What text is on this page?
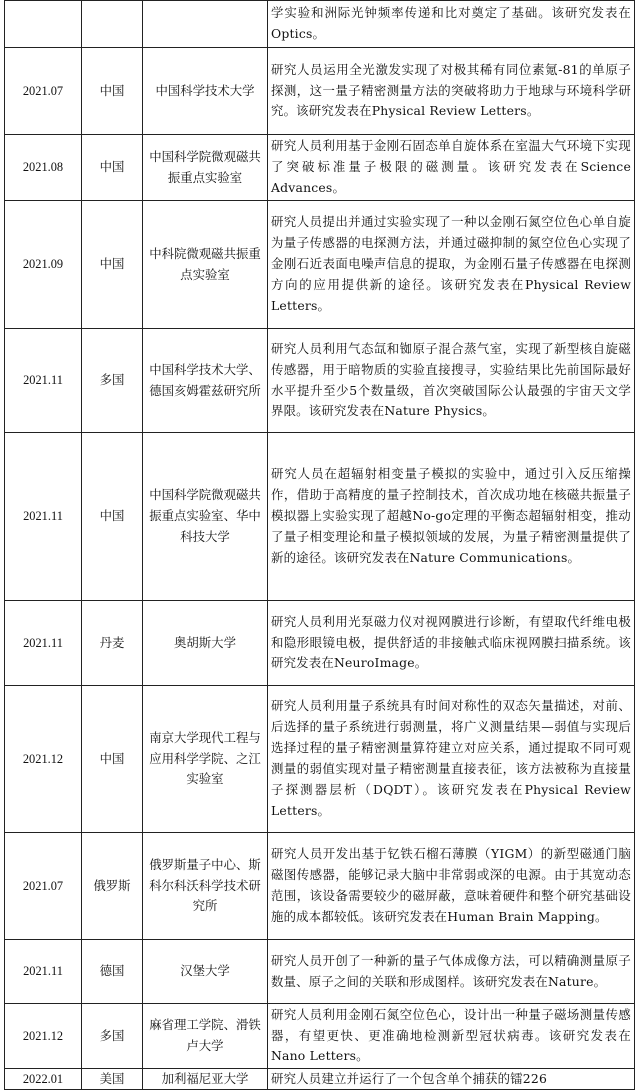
			学实验和洲际光钟频率传递和比对奠定了基础。该研究发表在Optics。
2021.07	中国	中国科学技术大学	研究人员运用全光激发实现了对极其稀有同位素氪-81的单原子探测，这一量子精密测量方法的突破将助力于地球与环境科学研究。该研究发表在Physical Review Letters。
2021.08	中国	中国科学院微观磁共振重点实验室	研究人员利用基于金刚石固态单自旋体系在室温大气环境下实现了突破标准量子极限的磁测量。该研究发表在Science Advances。
2021.09	中国	中科院微观磁共振重点实验室	研究人员提出并通过实验实现了一种以金刚石氮空位色心单自旋为量子传感器的电探测方法，并通过磁抑制的氮空位色心实现了金刚石近表面电噪声信息的提取，为金刚石量子传感器在电探测方向的应用提供新的途径。该研究发表在Physical Review Letters。
2021.11	多国	中国科学技术大学、德国亥姆霍兹研究所	研究人员利用气态氙和铷原子混合蒸气室，实现了新型核自旋磁传感器，用于暗物质的实验直接搜寻，实验结果比先前国际最好水平提升至少5个数量级，首次突破国际公认最强的宇宙天文学界限。该研究发表在Nature Physics。
2021.11	中国	中国科学院微观磁共振重点实验室、华中科技大学	研究人员在超辐射相变量子模拟的实验中，通过引入反压缩操作，借助于高精度的量子控制技术，首次成功地在核磁共振量子模拟器上实验实现了超越No-go定理的平衡态超辐射相变，推动了量子相变理论和量子模拟领域的发展，为量子精密测量提供了新的途径。该研究发表在Nature Communications。
2021.11	丹麦	奥胡斯大学	研究人员利用光泵磁力仪对视网膜进行诊断，有望取代纤维电极和隐形眼镜电极，提供舒适的非接触式临床视网膜扫描系统。该研究发表在NeuroImage。
2021.12	中国	南京大学现代工程与应用科学学院、之江实验室	研究人员利用量子系统具有时间对称性的双态矢量描述，对前、后选择的量子系统进行弱测量，将广义测量结果—弱值与实现后选择过程的量子精密测量算符建立对应关系，通过提取不同可观测量的弱值实现对量子精密测量直接表征，该方法被称为直接量子探测器层析（DQDT）。该研究发表在Physical Review Letters。
2021.07	俄罗斯	俄罗斯量子中心、斯科尔科沃科学技术研究所	研究人员开发出基于钇铁石榴石薄膜（YIGM）的新型磁通门脑磁图传感器，能够记录大脑中非常弱或深的电源。由于其宽动态范围，该设备需要较少的磁屏蔽，意味着硬件和整个研究基础设施的成本都较低。该研究发表在Human Brain Mapping。
2021.11	德国	汉堡大学	研究人员开创了一种新的量子气体成像方法，可以精确测量原子数量、原子之间的关联和形成图样。该研究发表在Nature。
2021.12	多国	麻省理工学院、滑铁卢大学	研究人员利用金刚石氮空位色心，设计出一种量子磁场测量传感器，有望更快、更准确地检测新型冠状病毒。该研究发表在Nano Letters。
2022.01	美国	加利福尼亚大学	研究人员建立并运行了一个包含单个捕获的镭226
